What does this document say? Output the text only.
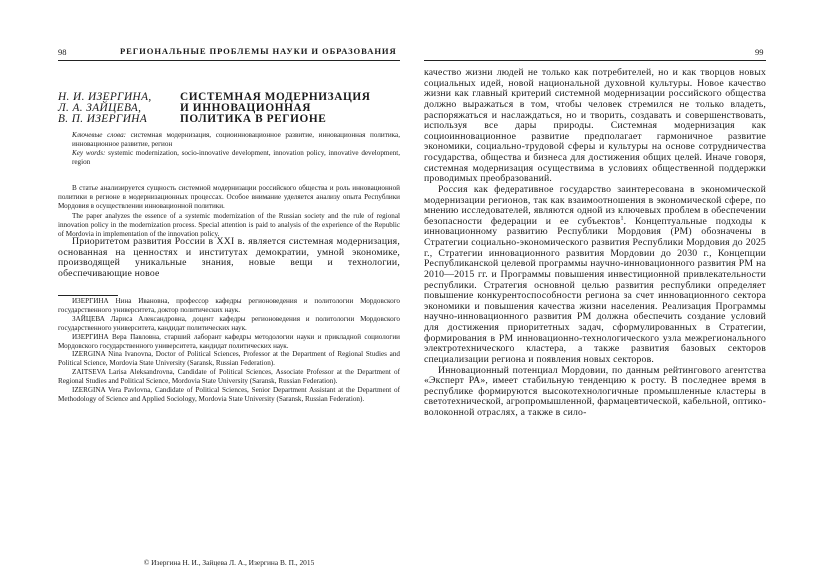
98	РЕГИОНАЛЬНЫЕ ПРОБЛЕМЫ НАУКИ И ОБРАЗОВАНИЯ
Н. И. ИЗЕРГИНА,
Л. А. ЗАЙЦЕВА,
В. П. ИЗЕРГИНА
СИСТЕМНАЯ МОДЕРНИЗАЦИЯ
И ИННОВАЦИОННАЯ
ПОЛИТИКА В РЕГИОНЕ

Ключевые слова: системная модернизация, социоинновационное развитие, инновационная политика, инновационное развитие, регион

Key words: systemic modernization, socio-innovative development, innovation policy, innovative development, region

В статье анализируется сущность системной модернизации российского общества и роль инновационной политики в регионе в модернизационных процессах. Особое внимание уделяется анализу опыта Республики Мордовия в осуществлении инновационной политики.

The paper analyzes the essence of a systemic modernization of the Russian society and the rule of regional innovation policy in the modernization process. Special attention is paid to analysis of the experience of the Republic of Mordovia in implementation of the innovation policy.

Приоритетом развития России в XXI в. является системная модернизация, основанная на ценностях и институтах демократии, умной экономике, производящей уникальные знания, новые вещи и технологии, обеспечивающие новое

ИЗЕРГИНА Нина Ивановна, профессор кафедры регионоведения и политологии Мордовского государственного университета, доктор политических наук.

ЗАЙЦЕВА Лариса Александровна, доцент кафедры регионоведения и политологии Мордовского государственного университета, кандидат политических наук.

ИЗЕРГИНА Вера Павловна, старший лаборант кафедры методологии науки и прикладной социологии Мордовского государственного университета, кандидат политических наук.

IZERGINA Nina Ivanovna, Doctor of Political Sciences, Professor at the Department of Regional Studies and Political Science, Mordovia State University (Saransk, Russian Federation).

ZAITSEVA Larisa Aleksandrovna, Candidate of Political Sciences, Associate Professor at the Department of Regional Studies and Political Science, Mordovia State University (Saransk, Russian Federation).

IZERGINA Vera Pavlovna, Candidate of Political Sciences, Senior Department Assistant at the Department of Methodology of Science and Applied Sociology, Mordovia State University (Saransk, Russian Federation).

© Изергина Н. И., Зайцева Л. А., Изергина В. П., 2015
99

качество жизни людей не только как потребителей, но и как творцов новых социальных идей, новой национальной духовной культуры. Новое качество жизни как главный критерий системной модернизации российского общества должно выражаться в том, чтобы человек стремился не только владеть, распоряжаться и наслаждаться, но и творить, создавать и совершенствовать, используя все дары природы. Системная модернизация как социоинновационное развитие предполагает гармоничное развитие экономики, социально-трудовой сферы и культуры на основе сотрудничества государства, общества и бизнеса для достижения общих целей. Иначе говоря, системная модернизация осуществима в условиях общественной поддержки проводимых преобразований.

Россия как федеративное государство заинтересована в экономической модернизации регионов, так как взаимоотношения в экономической сфере, по мнению исследователей, являются одной из ключевых проблем в обеспечении безопасности федерации и ее субъектов$^1$. Концептуальные подходы к инновационному развитию Республики Мордовия (РМ) обозначены в Стратегии социально-экономического развития Республики Мордовия до 2025 г., Стратегии инновационного развития Мордовии до 2030 г., Концепции Республиканской целевой программы научно-инновационного развития РМ на 2010—2015 гг. и Программы повышения инвестиционной привлекательности республики. Стратегия основной целью развития республики определяет повышение конкурентоспособности региона за счет инновационного сектора экономики и повышения качества жизни населения. Реализация Программы научно-инновационного развития РМ должна обеспечить создание условий для достижения приоритетных задач, сформулированных в Стратегии, формирования в РМ инновационно-технологического узла межрегионального электротехнического кластера, а также развития базовых секторов специализации региона и появления новых секторов.

Инновационный потенциал Мордовии, по данным рейтингового агентства «Эксперт РА», имеет стабильную тенденцию к росту. В последнее время в республике формируются высокотехнологичные промышленные кластеры в светотехнической, агропромышленной, фармацевтической, кабельной, оптико-волоконной отраслях, а также в сило-
